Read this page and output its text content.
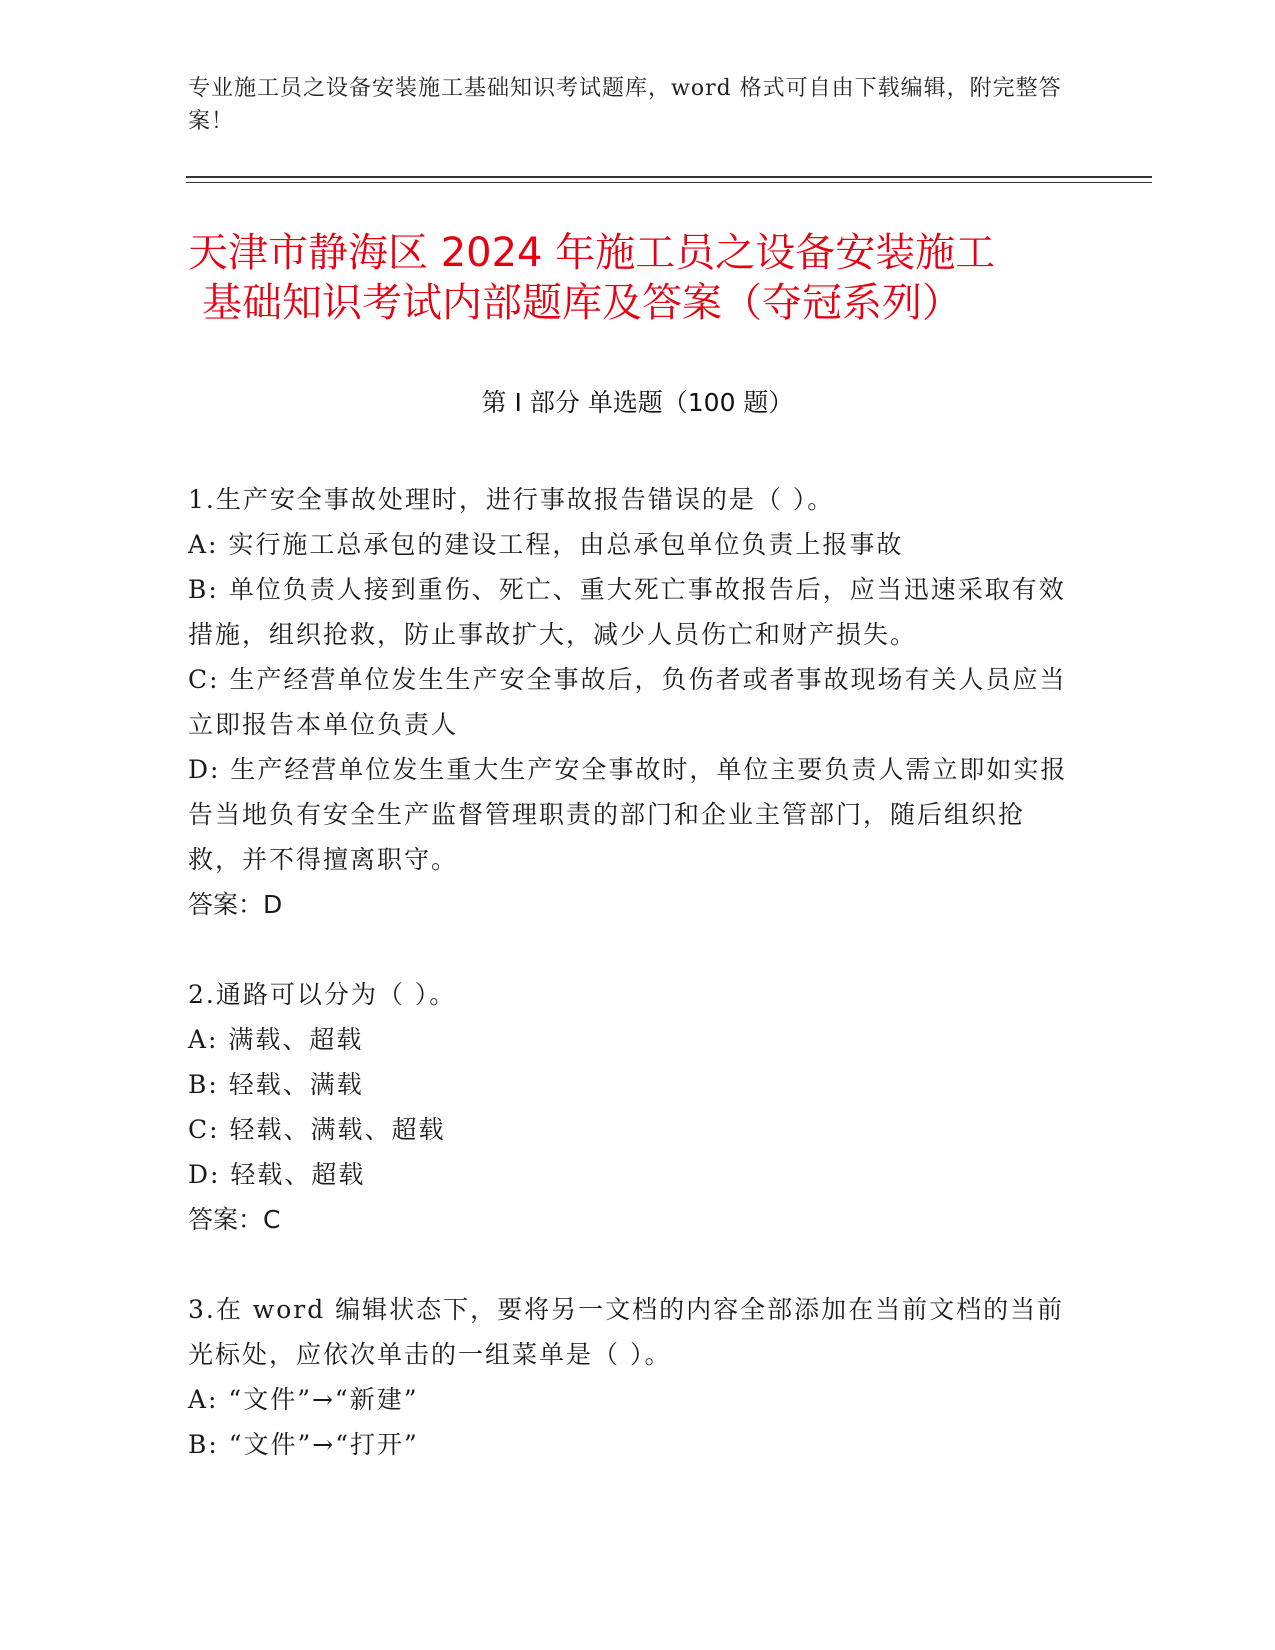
专业施工员之设备安装施工基础知识考试题库，word 格式可自由下载编辑，附完整答案！
天津市静海区 2024 年施工员之设备安装施工
基础知识考试内部题库及答案（夺冠系列）
第 I 部分 单选题（100 题）

1.生产安全事故处理时，进行事故报告错误的是（ ）。

A: 实行施工总承包的建设工程，由总承包单位负责上报事故

B: 单位负责人接到重伤、死亡、重大死亡事故报告后，应当迅速采取有效措施，组织抢救，防止事故扩大，减少人员伤亡和财产损失。

C: 生产经营单位发生生产安全事故后，负伤者或者事故现场有关人员应当立即报告本单位负责人

D: 生产经营单位发生重大生产安全事故时，单位主要负责人需立即如实报告当地负有安全生产监督管理职责的部门和企业主管部门，随后组织抢救，并不得擅离职守。

答案：D

2.通路可以分为（ ）。

A: 满载、超载

B: 轻载、满载

C: 轻载、满载、超载

D: 轻载、超载

答案：C

3.在 word 编辑状态下，要将另一文档的内容全部添加在当前文档的当前光标处，应依次单击的一组菜单是（ ）。

A: “文件”→“新建”

B: “文件”→“打开”
